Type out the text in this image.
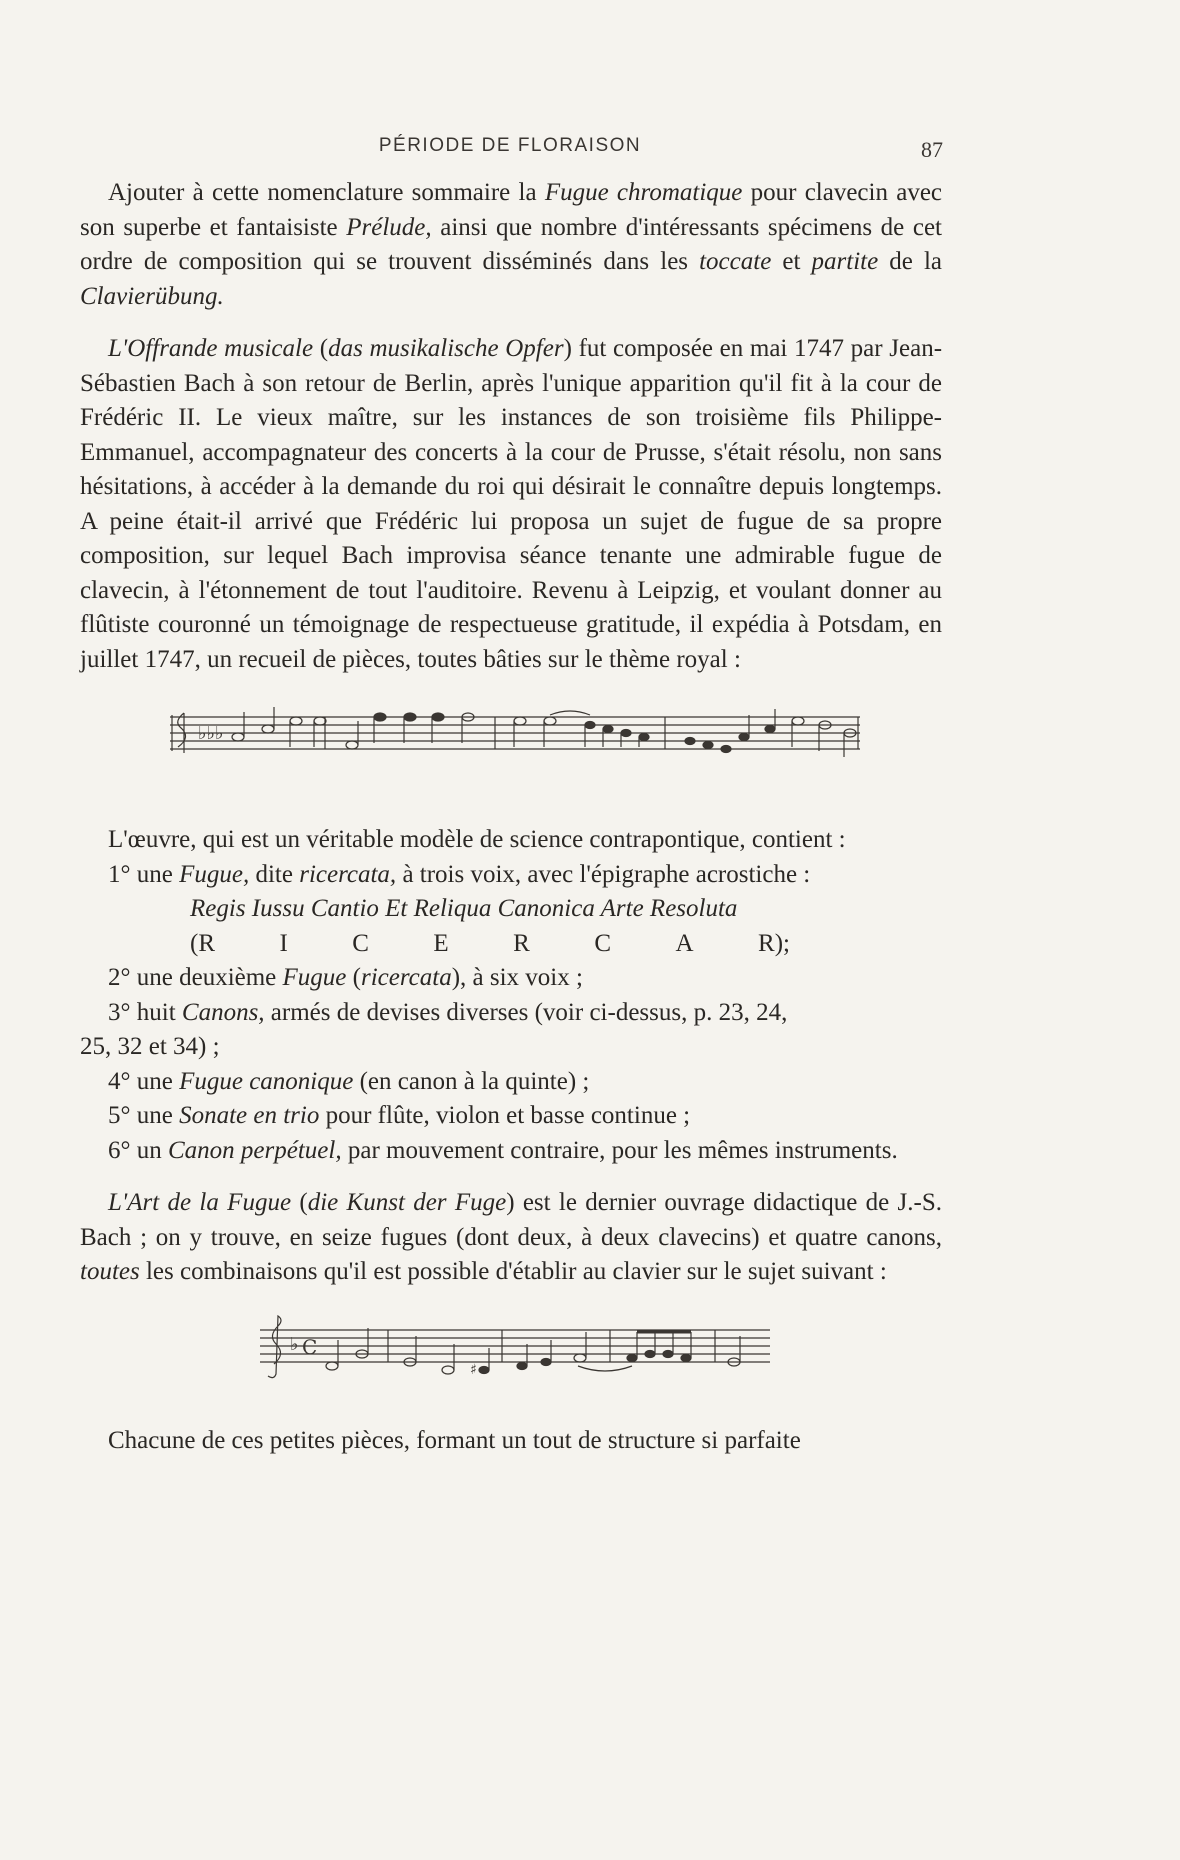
PÉRIODE DE FLORAISON	87

Ajouter à cette nomenclature sommaire la Fugue chromatique pour clavecin avec son superbe et fantaisiste Prélude, ainsi que nombre d'intéressants spécimens de cet ordre de composition qui se trouvent disséminés dans les toccate et partite de la Clavierübung.

L'Offrande musicale (das musikalische Opfer) fut composée en mai 1747 par Jean-Sébastien Bach à son retour de Berlin, après l'unique apparition qu'il fit à la cour de Frédéric II. Le vieux maître, sur les instances de son troisième fils Philippe-Emmanuel, accompagnateur des concerts à la cour de Prusse, s'était résolu, non sans hésitations, à accéder à la demande du roi qui désirait le connaître depuis longtemps. A peine était-il arrivé que Frédéric lui proposa un sujet de fugue de sa propre composition, sur lequel Bach improvisa séance tenante une admirable fugue de clavecin, à l'étonnement de tout l'auditoire. Revenu à Leipzig, et voulant donner au flûtiste couronné un témoignage de respectueuse gratitude, il expédia à Potsdam, en juillet 1747, un recueil de pièces, toutes bâties sur le thème royal :

♭♭♭

L'œuvre, qui est un véritable modèle de science contrapontique, contient :

1° une Fugue, dite ricercata, à trois voix, avec l'épigraphe acrostiche :

Regis Iussu Cantio Et Reliqua Canonica Arte Resoluta

(R	I	C	E	R	C	A	R);

2° une deuxième Fugue (ricercata), à six voix ;

3° huit Canons, armés de devises diverses (voir ci-dessus, p. 23, 24,

25, 32 et 34) ;

4° une Fugue canonique (en canon à la quinte) ;

5° une Sonate en trio pour flûte, violon et basse continue ;

6° un Canon perpétuel, par mouvement contraire, pour les mêmes instruments.

L'Art de la Fugue (die Kunst der Fuge) est le dernier ouvrage didactique de J.-S. Bach ; on y trouve, en seize fugues (dont deux, à deux clavecins) et quatre canons, toutes les combinaisons qu'il est possible d'établir au clavier sur le sujet suivant :

♭ C
♯

Chacune de ces petites pièces, formant un tout de structure si parfaite
